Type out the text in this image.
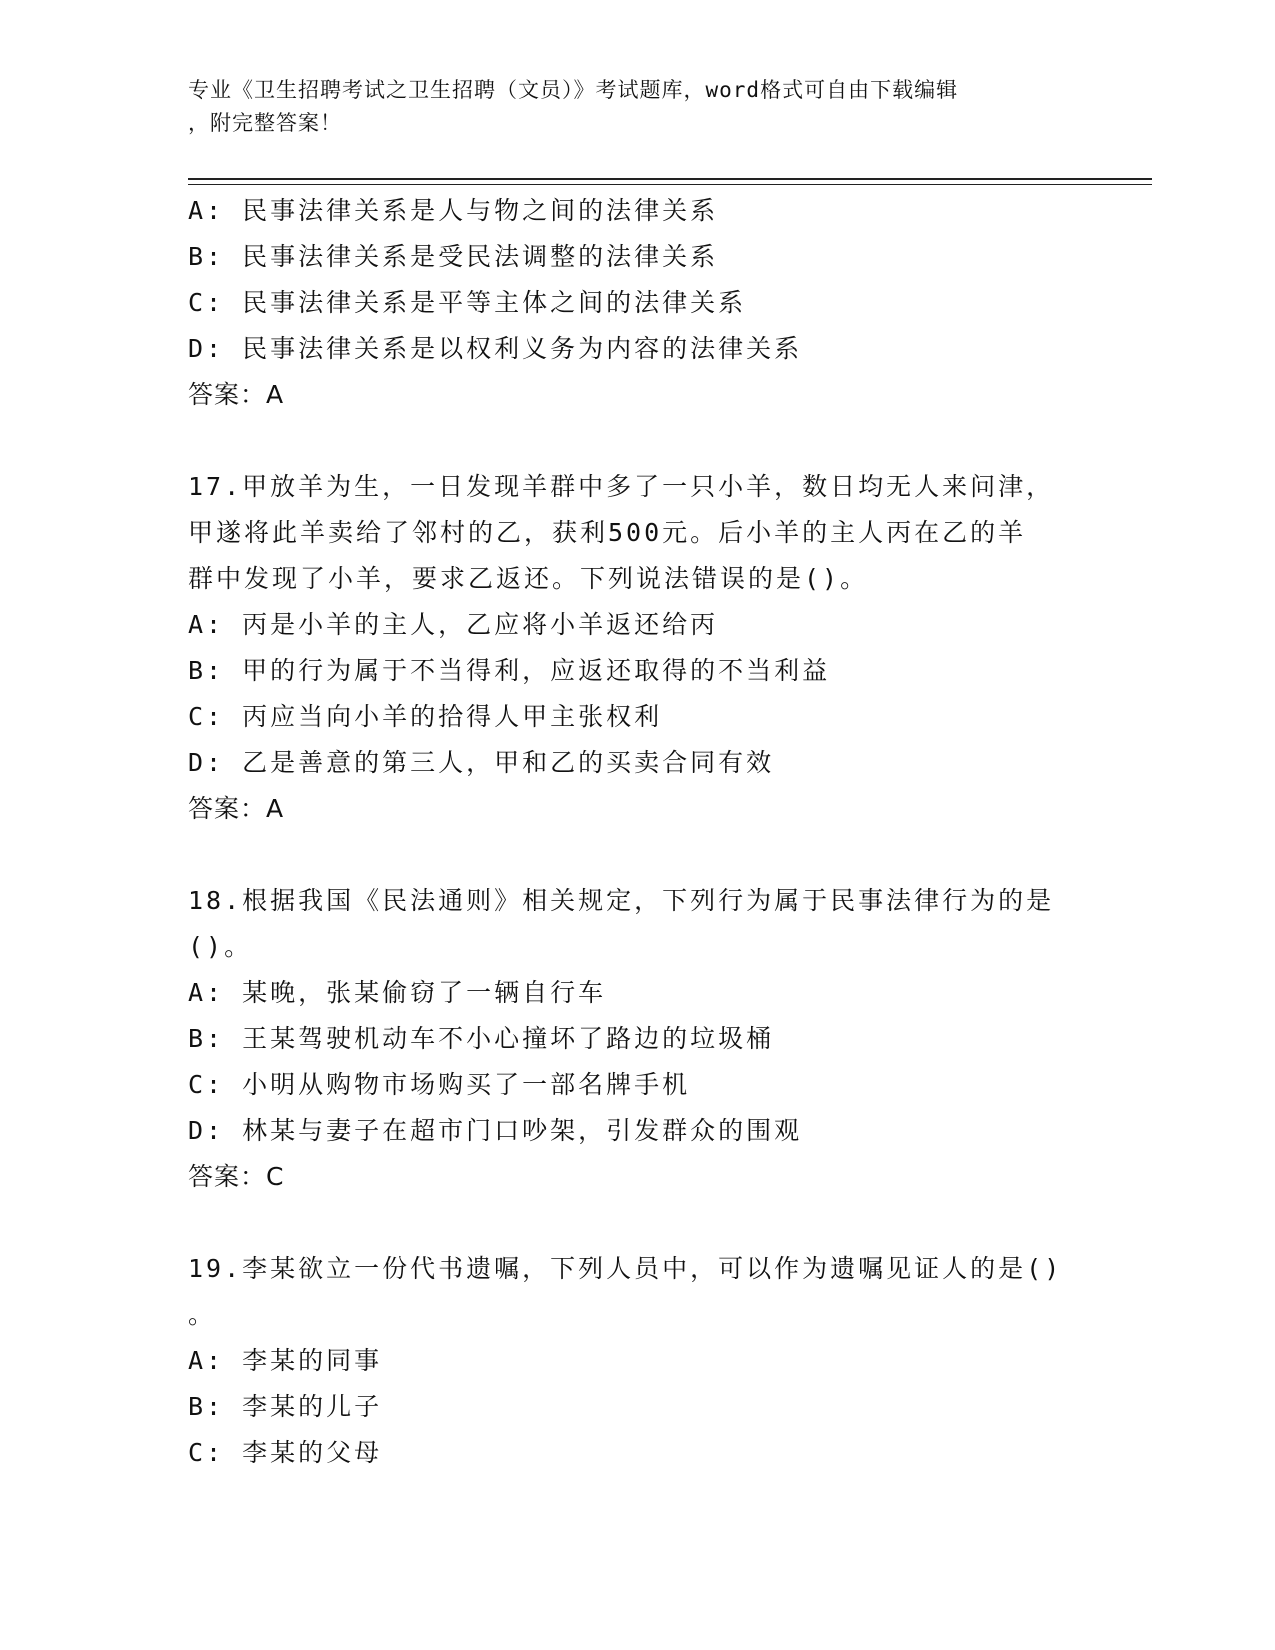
专业《卫生招聘考试之卫生招聘（文员）》考试题库，word格式可自由下载编辑
，附完整答案！
A: 民事法律关系是人与物之间的法律关系
B: 民事法律关系是受民法调整的法律关系
C: 民事法律关系是平等主体之间的法律关系
D: 民事法律关系是以权利义务为内容的法律关系
答案：A
17.甲放羊为生，一日发现羊群中多了一只小羊，数日均无人来问津，
甲遂将此羊卖给了邻村的乙，获利500元。后小羊的主人丙在乙的羊
群中发现了小羊，要求乙返还。下列说法错误的是()。
A: 丙是小羊的主人，乙应将小羊返还给丙
B: 甲的行为属于不当得利，应返还取得的不当利益
C: 丙应当向小羊的拾得人甲主张权利
D: 乙是善意的第三人，甲和乙的买卖合同有效
答案：A
18.根据我国《民法通则》相关规定，下列行为属于民事法律行为的是
()。
A: 某晚，张某偷窃了一辆自行车
B: 王某驾驶机动车不小心撞坏了路边的垃圾桶
C: 小明从购物市场购买了一部名牌手机
D: 林某与妻子在超市门口吵架，引发群众的围观
答案：C
19.李某欲立一份代书遗嘱，下列人员中，可以作为遗嘱见证人的是()
。
A: 李某的同事
B: 李某的儿子
C: 李某的父母
